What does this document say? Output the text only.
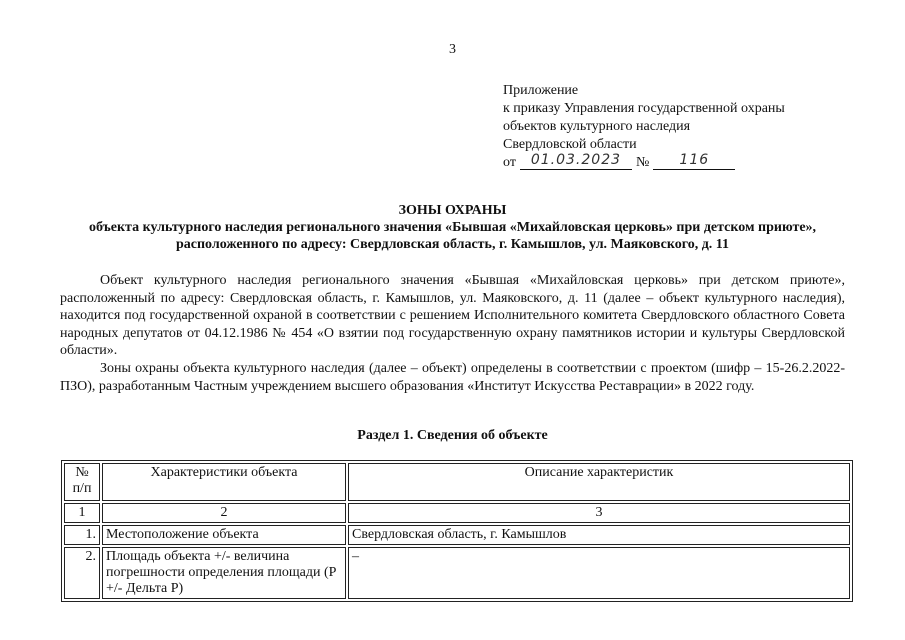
3
Приложение
к приказу Управления государственной охраны
объектов культурного наследия
Свердловской области
от	01.03.2023	№	116
ЗОНЫ ОХРАНЫ
объекта культурного наследия регионального значения «Бывшая «Михайловская церковь» при детском приюте», расположенного по адресу: Свердловская область, г. Камышлов, ул. Маяковского, д. 11

Объект культурного наследия регионального значения «Бывшая «Михайловская церковь» при детском приюте», расположенный по адресу: Свердловская область, г. Камышлов, ул. Маяковского, д. 11 (далее – объект культурного наследия), находится под государственной охраной в соответствии с решением Исполнительного комитета Свердловского областного Совета народных депутатов от 04.12.1986 № 454 «О взятии под государственную охрану памятников истории и культуры Свердловской области».

Зоны охраны объекта культурного наследия (далее – объект) определены в соответствии с проектом (шифр – 15-26.2.2022-ПЗО), разработанным Частным учреждением высшего образования «Институт Искусства Реставрации» в 2022 году.

Раздел 1. Сведения об объекте
№ п/п	Характеристики объекта	Описание характеристик
1	2	3
1.	Местоположение объекта	Свердловская область, г. Камышлов
2.	Площадь объекта +/- величина погрешности определения площади (Р +/- Дельта Р)	–
